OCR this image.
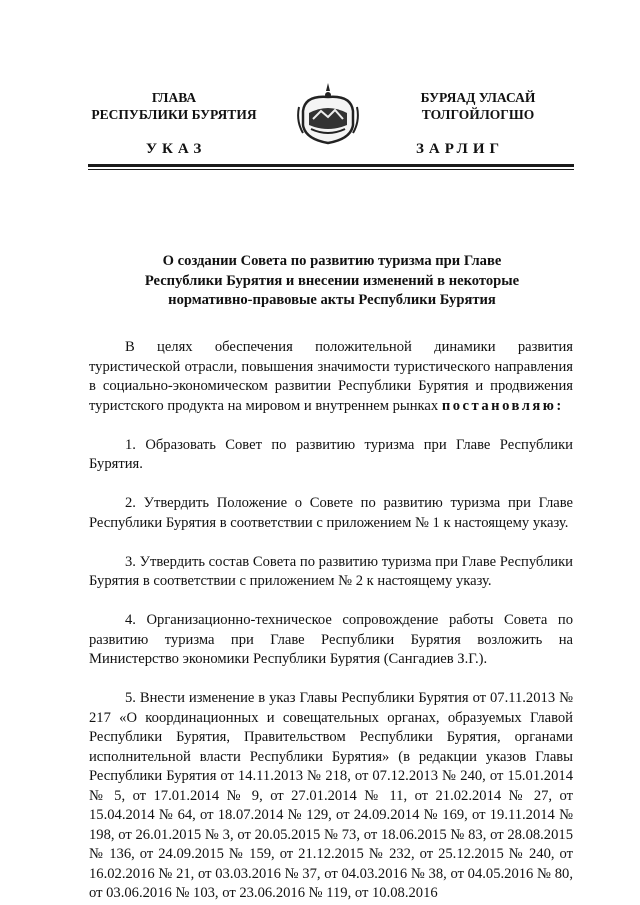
ГЛАВА
РЕСПУБЛИКИ БУРЯТИЯ
УКАЗ
БУРЯАД УЛАСАЙ
ТОЛГОЙЛОГШО
ЗАРЛИГ
О создании Совета по развитию туризма при Главе
Республики Бурятия и внесении изменений в некоторые
нормативно-правовые акты Республики Бурятия

В целях обеспечения положительной динамики развития туристической отрасли, повышения значимости туристического направления в социально-экономическом развитии Республики Бурятия и продвижения туристского продукта на мировом и внутреннем рынках постановляю:

1. Образовать Совет по развитию туризма при Главе Республики Бурятия.

2. Утвердить Положение о Совете по развитию туризма при Главе Республики Бурятия в соответствии с приложением № 1 к настоящему указу.

3. Утвердить состав Совета по развитию туризма при Главе Республики Бурятия в соответствии с приложением № 2 к настоящему указу.

4. Организационно-техническое сопровождение работы Совета по развитию туризма при Главе Республики Бурятия возложить на Министерство экономики Республики Бурятия (Сангадиев З.Г.).

5. Внести изменение в указ Главы Республики Бурятия от 07.11.2013 № 217 «О координационных и совещательных органах, образуемых Главой Республики Бурятия, Правительством Республики Бурятия, органами исполнительной власти Республики Бурятия» (в редакции указов Главы Республики Бурятия от 14.11.2013 № 218, от 07.12.2013 № 240, от 15.01.2014 № 5, от 17.01.2014 № 9, от 27.01.2014 № 11, от 21.02.2014 № 27, от 15.04.2014 № 64, от 18.07.2014 № 129, от 24.09.2014 № 169, от 19.11.2014 № 198, от 26.01.2015 № 3, от 20.05.2015 № 73, от 18.06.2015 № 83, от 28.08.2015 № 136, от 24.09.2015 № 159, от 21.12.2015 № 232, от 25.12.2015 № 240, от 16.02.2016 № 21, от 03.03.2016 № 37, от 04.03.2016 № 38, от 04.05.2016 № 80, от 03.06.2016 № 103, от 23.06.2016 № 119, от 10.08.2016
